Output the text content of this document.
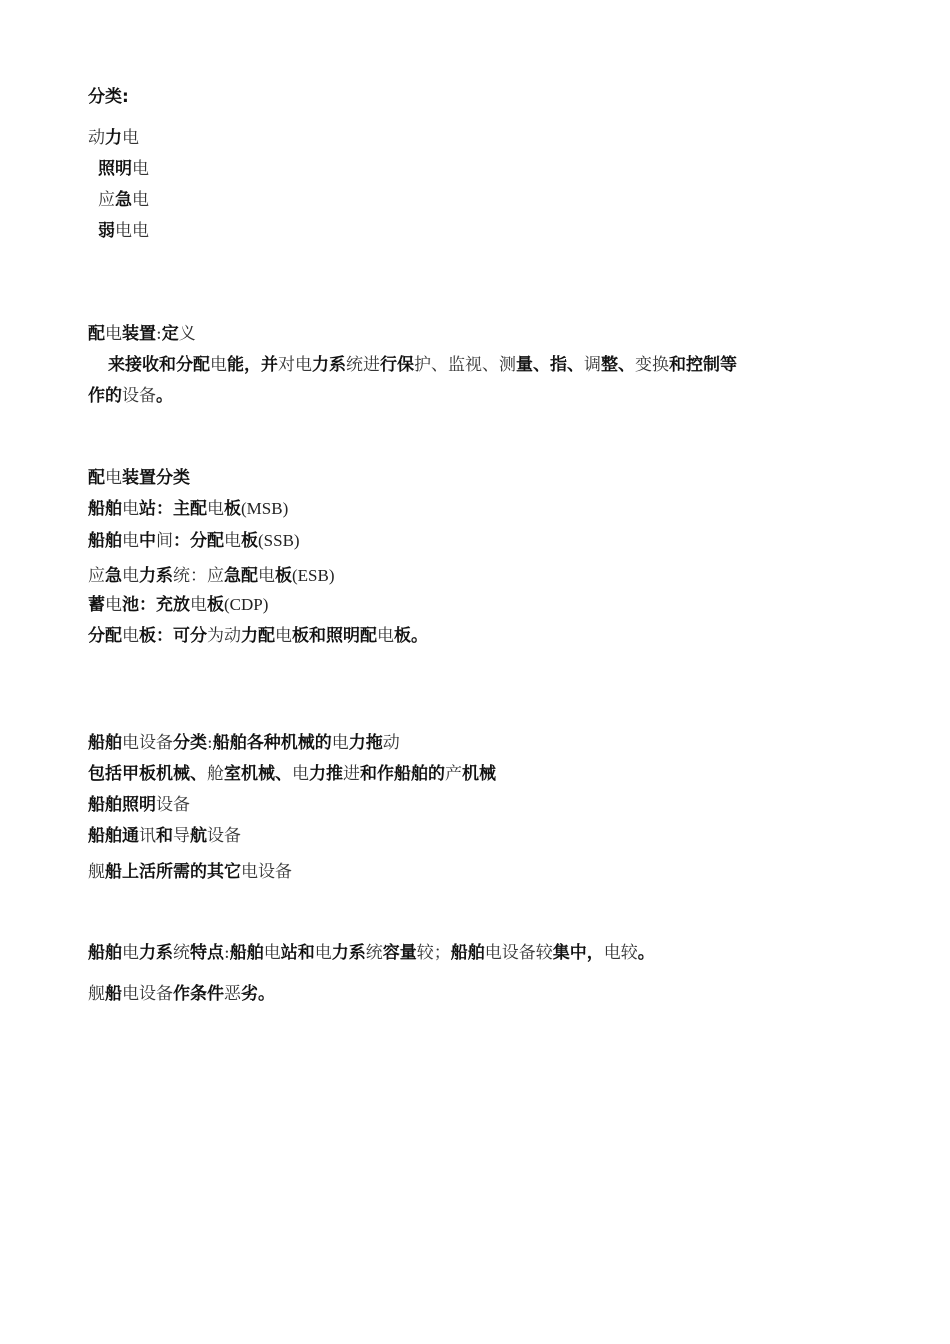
分类:
动力电
照明电
应急电
弱电电
配电装置:定义
来接收和分配电能，并对电力系统进行保护、监视、测量、指、调整、变换和控制等
作的设备。
配电装置分类
船舶电站：主配电板(MSB)
船舶电中间：分配电板(SSB)
应急电力系统：应急配电板(ESB)
蓄电池：充放电板(CDP)
分配电板：可分为动力配电板和照明配电板。
船舶电设备分类:船舶各种机械的电力拖动
包括甲板机械、舱室机械、电力推进和作船舶的产机械
船舶照明设备
船舶通讯和导航设备
舰船上活所需的其它电设备
船舶电力系统特点:船舶电站和电力系统容量较；船舶电设备较集中，电较。
舰船电设备作条件恶劣。
